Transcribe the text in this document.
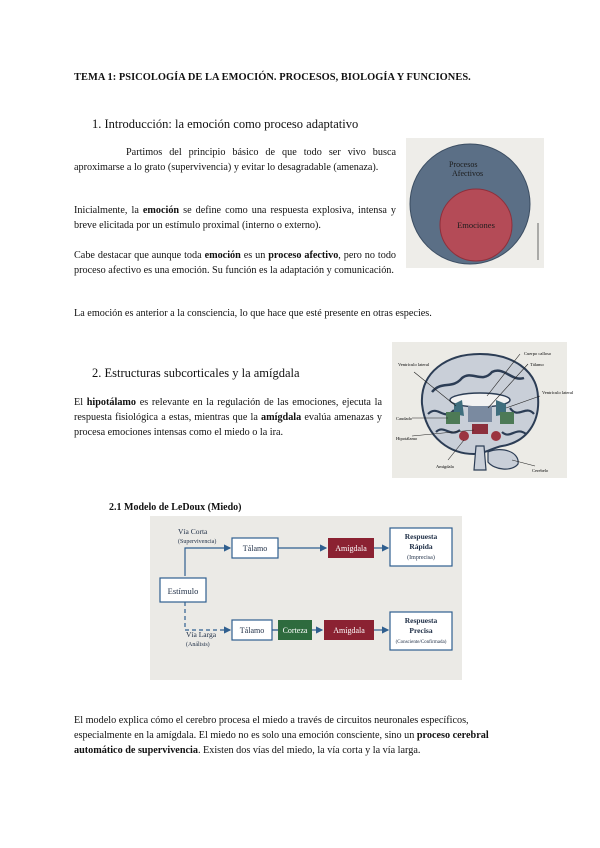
TEMA 1: PSICOLOGÍA DE LA EMOCIÓN. PROCESOS, BIOLOGÍA Y FUNCIONES.
1. Introducción: la emoción como proceso adaptativo
Partimos del principio básico de que todo ser vivo busca aproximarse a lo grato (supervivencia) y evitar lo desagradable (amenaza).
Inicialmente, la emoción se define como una respuesta explosiva, intensa y breve elicitada por un estímulo proximal (interno o externo).
Cabe destacar que aunque toda emoción es un proceso afectivo, pero no todo proceso afectivo es una emoción. Su función es la adaptación y comunicación.
La emoción es anterior a la consciencia, lo que hace que esté presente en otras especies.
Procesos Afectivos
Emociones
2. Estructuras subcorticales y la amígdala
El hipotálamo es relevante en la regulación de las emociones, ejecuta la respuesta fisiológica a estas, mientras que la amígdala evalúa amenazas y procesa emociones intensas como el miedo o la ira.
Cuerpo calloso
Tálamo
Ventrículo lateral
Ventrículo lateral
Caudado
Hipotálamo
Amígdala
Cerebelo
2.1 Modelo de LeDoux (Miedo)
Estímulo
Vía Corta
(Supervivencia)
Vía Larga
(Análisis)
Tálamo	Amígdala
Respuesta
Rápida
(Imprecisa)
Tálamo Corteza	Amígdala
Respuesta
Precisa
(Consciente/Confirmada)
El modelo explica cómo el cerebro procesa el miedo a través de circuitos neuronales específicos, especialmente en la amígdala. El miedo no es solo una emoción consciente, sino un proceso cerebral automático de supervivencia. Existen dos vías del miedo, la vía corta y la vía larga.
